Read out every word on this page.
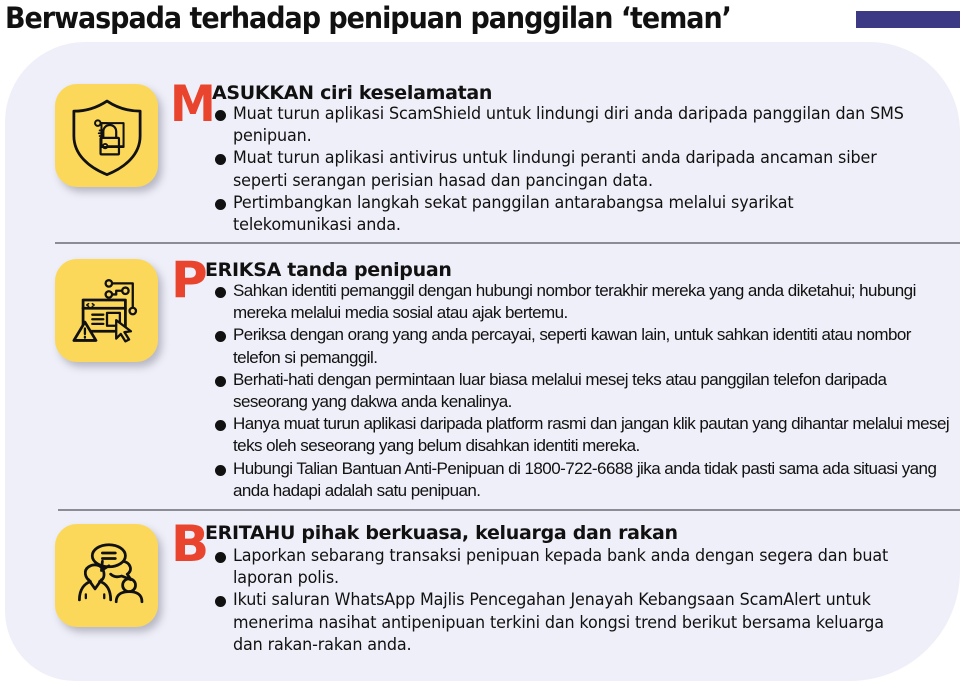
Berwaspada terhadap penipuan panggilan ‘teman’
M
ASUKKAN ciri keselamatan
Muat turun aplikasi ScamShield untuk lindungi diri anda daripada panggilan dan SMS penipuan.
Muat turun aplikasi antivirus untuk lindungi peranti anda daripada ancaman siber seperti serangan perisian hasad dan pancingan data.
Pertimbangkan langkah sekat panggilan antarabangsa melalui syarikat telekomunikasi anda.
P
ERIKSA tanda penipuan
Sahkan identiti pemanggil dengan hubungi nombor terakhir mereka yang anda diketahui; hubungi mereka melalui media sosial atau ajak bertemu.
Periksa dengan orang yang anda percayai, seperti kawan lain, untuk sahkan identiti atau nombor telefon si pemanggil.
Berhati-hati dengan permintaan luar biasa melalui mesej teks atau panggilan telefon daripada seseorang yang dakwa anda kenalinya.
Hanya muat turun aplikasi daripada platform rasmi dan jangan klik pautan yang dihantar melalui mesej teks oleh seseorang yang belum disahkan identiti mereka.
Hubungi Talian Bantuan Anti-Penipuan di 1800-722-6688 jika anda tidak pasti sama ada situasi yang anda hadapi adalah satu penipuan.
B
ERITAHU pihak berkuasa, keluarga dan rakan
Laporkan sebarang transaksi penipuan kepada bank anda dengan segera dan buat laporan polis.
Ikuti saluran WhatsApp Majlis Pencegahan Jenayah Kebangsaan ScamAlert untuk menerima nasihat antipenipuan terkini dan kongsi trend berikut bersama keluarga dan rakan-rakan anda.
